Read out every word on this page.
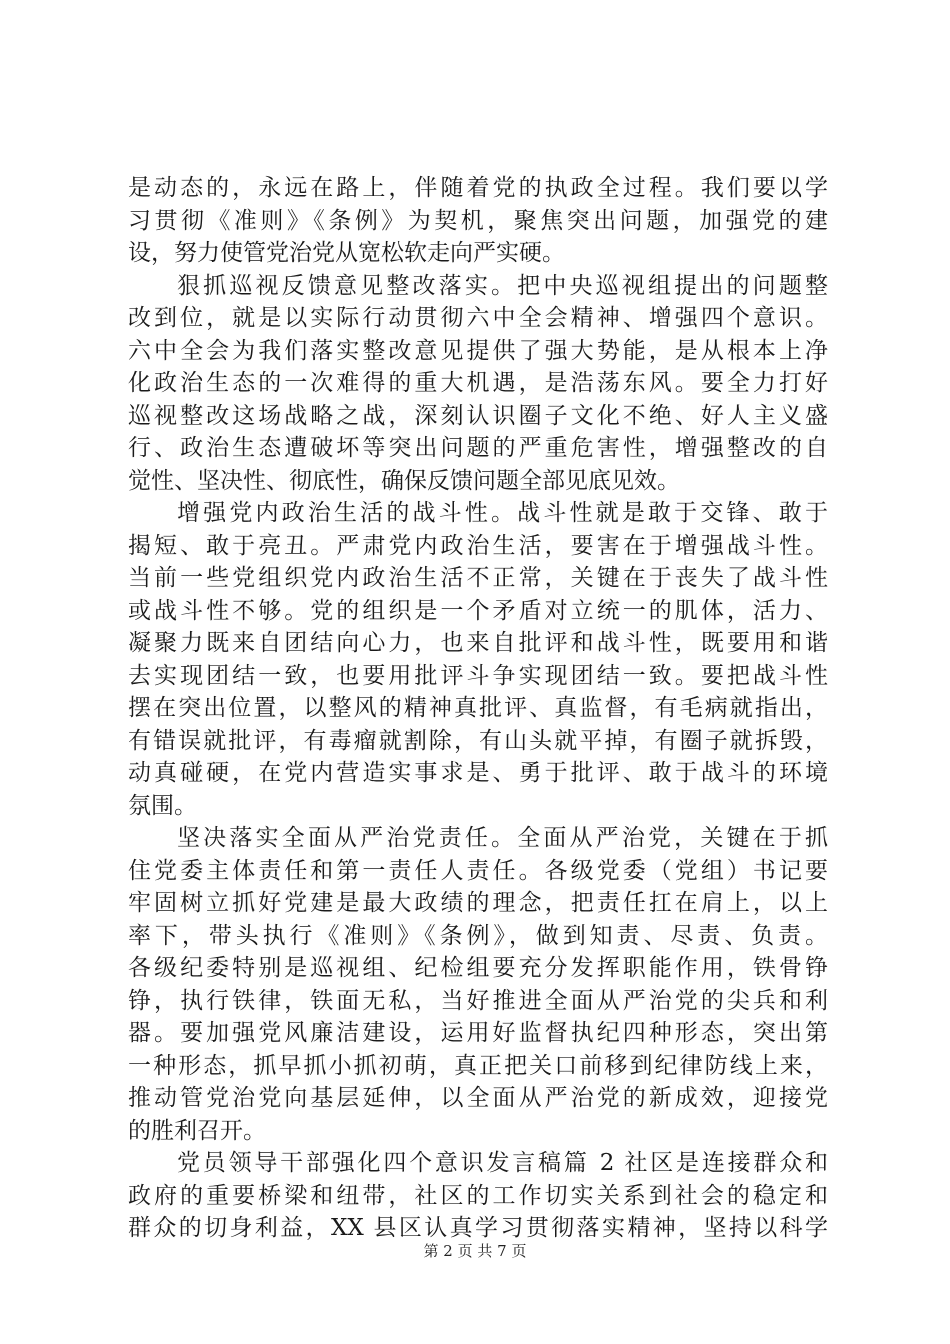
是动态的，永远在路上，伴随着党的执政全过程。我们要以学
习贯彻《准则》《条例》为契机，聚焦突出问题，加强党的建
设，努力使管党治党从宽松软走向严实硬。
狠抓巡视反馈意见整改落实。把中央巡视组提出的问题整
改到位，就是以实际行动贯彻六中全会精神、增强四个意识。
六中全会为我们落实整改意见提供了强大势能，是从根本上净
化政治生态的一次难得的重大机遇，是浩荡东风。要全力打好
巡视整改这场战略之战，深刻认识圈子文化不绝、好人主义盛
行、政治生态遭破坏等突出问题的严重危害性，增强整改的自
觉性、坚决性、彻底性，确保反馈问题全部见底见效。
增强党内政治生活的战斗性。战斗性就是敢于交锋、敢于
揭短、敢于亮丑。严肃党内政治生活，要害在于增强战斗性。
当前一些党组织党内政治生活不正常，关键在于丧失了战斗性
或战斗性不够。党的组织是一个矛盾对立统一的肌体，活力、
凝聚力既来自团结向心力，也来自批评和战斗性，既要用和谐
去实现团结一致，也要用批评斗争实现团结一致。要把战斗性
摆在突出位置，以整风的精神真批评、真监督，有毛病就指出，
有错误就批评，有毒瘤就割除，有山头就平掉，有圈子就拆毁，
动真碰硬，在党内营造实事求是、勇于批评、敢于战斗的环境
氛围。
坚决落实全面从严治党责任。全面从严治党，关键在于抓
住党委主体责任和第一责任人责任。各级党委（党组）书记要
牢固树立抓好党建是最大政绩的理念，把责任扛在肩上，以上
率下，带头执行《准则》《条例》，做到知责、尽责、负责。
各级纪委特别是巡视组、纪检组要充分发挥职能作用，铁骨铮
铮，执行铁律，铁面无私，当好推进全面从严治党的尖兵和利
器。要加强党风廉洁建设，运用好监督执纪四种形态，突出第
一种形态，抓早抓小抓初萌，真正把关口前移到纪律防线上来，
推动管党治党向基层延伸，以全面从严治党的新成效，迎接党
的胜利召开。
党员领导干部强化四个意识发言稿篇 2 社区是连接群众和
政府的重要桥梁和纽带，社区的工作切实关系到社会的稳定和
群众的切身利益，XX 县区认真学习贯彻落实精神，坚持以科学
第 2 页 共 7 页
